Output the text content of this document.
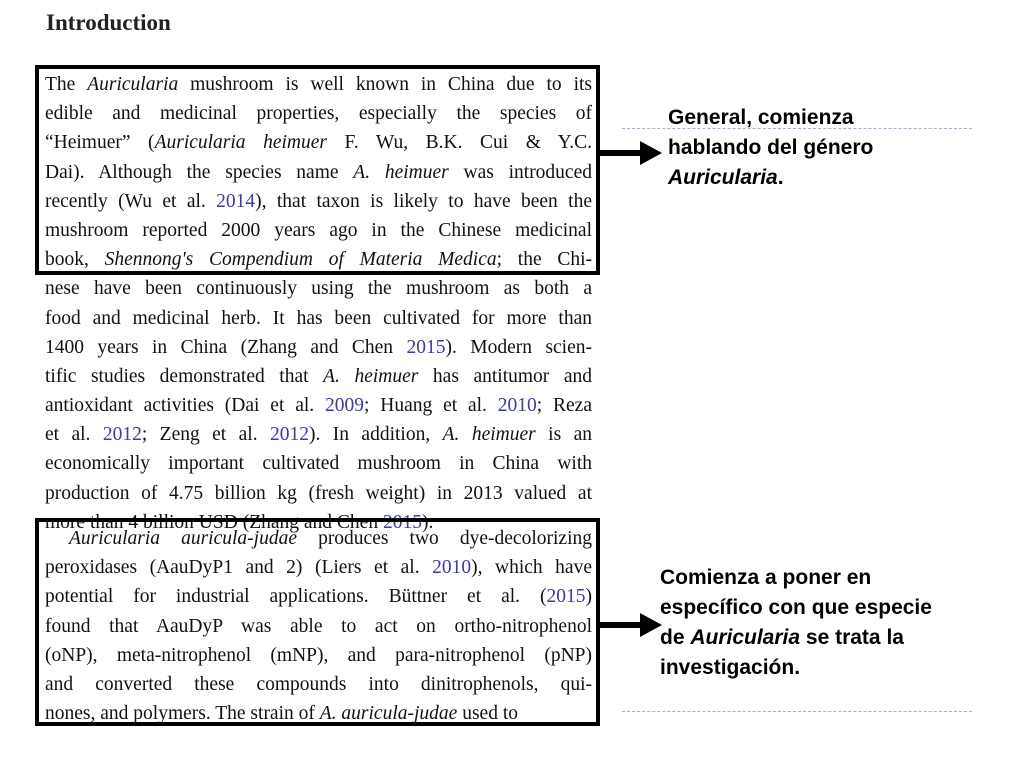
Introduction
The Auricularia mushroom is well known in China due to its
edible and medicinal properties, especially the species of
“Heimuer” (Auricularia heimuer F. Wu, B.K. Cui & Y.C.
Dai). Although the species name A. heimuer was introduced
recently (Wu et al. 2014), that taxon is likely to have been the
mushroom reported 2000 years ago in the Chinese medicinal
book, Shennong's Compendium of Materia Medica; the Chi-
nese have been continuously using the mushroom as both a
food and medicinal herb. It has been cultivated for more than
1400 years in China (Zhang and Chen 2015). Modern scien-
tific studies demonstrated that A. heimuer has antitumor and
antioxidant activities (Dai et al. 2009; Huang et al. 2010; Reza
et al. 2012; Zeng et al. 2012). In addition, A. heimuer is an
economically important cultivated mushroom in China with
production of 4.75 billion kg (fresh weight) in 2013 valued at
more than 4 billion USD (Zhang and Chen 2015).
Auricularia auricula-judae produces two dye-decolorizing
peroxidases (AauDyP1 and 2) (Liers et al. 2010), which have
potential for industrial applications. Büttner et al. (2015)
found that AauDyP was able to act on ortho-nitrophenol
(oNP), meta-nitrophenol (mNP), and para-nitrophenol (pNP)
and converted these compounds into dinitrophenols, qui-
nones, and polymers. The strain of A. auricula-judae used to
General, comienza
hablando del género
Auricularia.
Comienza a poner en
específico con que especie
de Auricularia se trata la
investigación.
